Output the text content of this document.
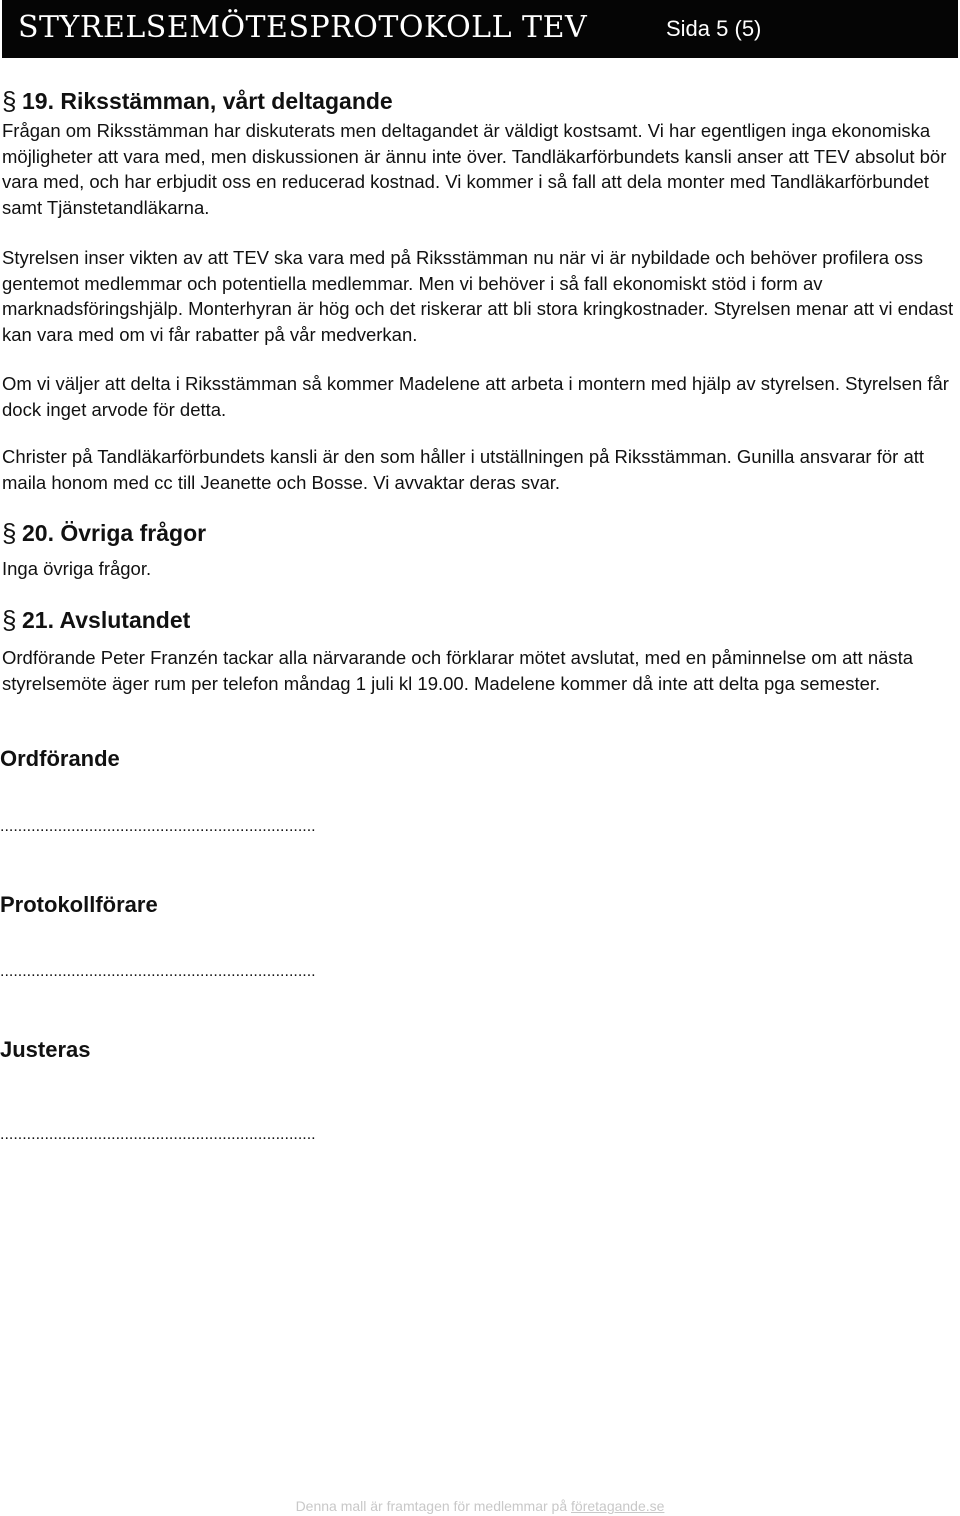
STYRELSEMÖTESPROTOKOLL TEV	Sida 5 (5)
§ 19. Riksstämman, vårt deltagande

Frågan om Riksstämman har diskuterats men deltagandet är väldigt kostsamt. Vi har egentligen inga ekonomiska möjligheter att vara med, men diskussionen är ännu inte över. Tandläkarförbundets kansli anser att TEV absolut bör vara med, och har erbjudit oss en reducerad kostnad. Vi kommer i så fall att dela monter med Tandläkarförbundet samt Tjänstetandläkarna.

Styrelsen inser vikten av att TEV ska vara med på Riksstämman nu när vi är nybildade och behöver profilera oss gentemot medlemmar och potentiella medlemmar. Men vi behöver i så fall ekonomiskt stöd i form av marknadsföringshjälp. Monterhyran är hög och det riskerar att bli stora kringkostnader. Styrelsen menar att vi endast kan vara med om vi får rabatter på vår medverkan.

Om vi väljer att delta i Riksstämman så kommer Madelene att arbeta i montern med hjälp av styrelsen. Styrelsen får dock inget arvode för detta.

Christer på Tandläkarförbundets kansli är den som håller i utställningen på Riksstämman. Gunilla ansvarar för att maila honom med cc till Jeanette och Bosse. Vi avvaktar deras svar.

§ 20. Övriga frågor

Inga övriga frågor.

§ 21. Avslutandet

Ordförande Peter Franzén tackar alla närvarande och förklarar mötet avslutat, med en påminnelse om att nästa styrelsemöte äger rum per telefon måndag 1 juli kl 19.00. Madelene kommer då inte att delta pga semester.

Ordförande
.......................................................................
Protokollförare
.......................................................................
Justeras
.......................................................................
Denna mall är framtagen för medlemmar på företagande.se
